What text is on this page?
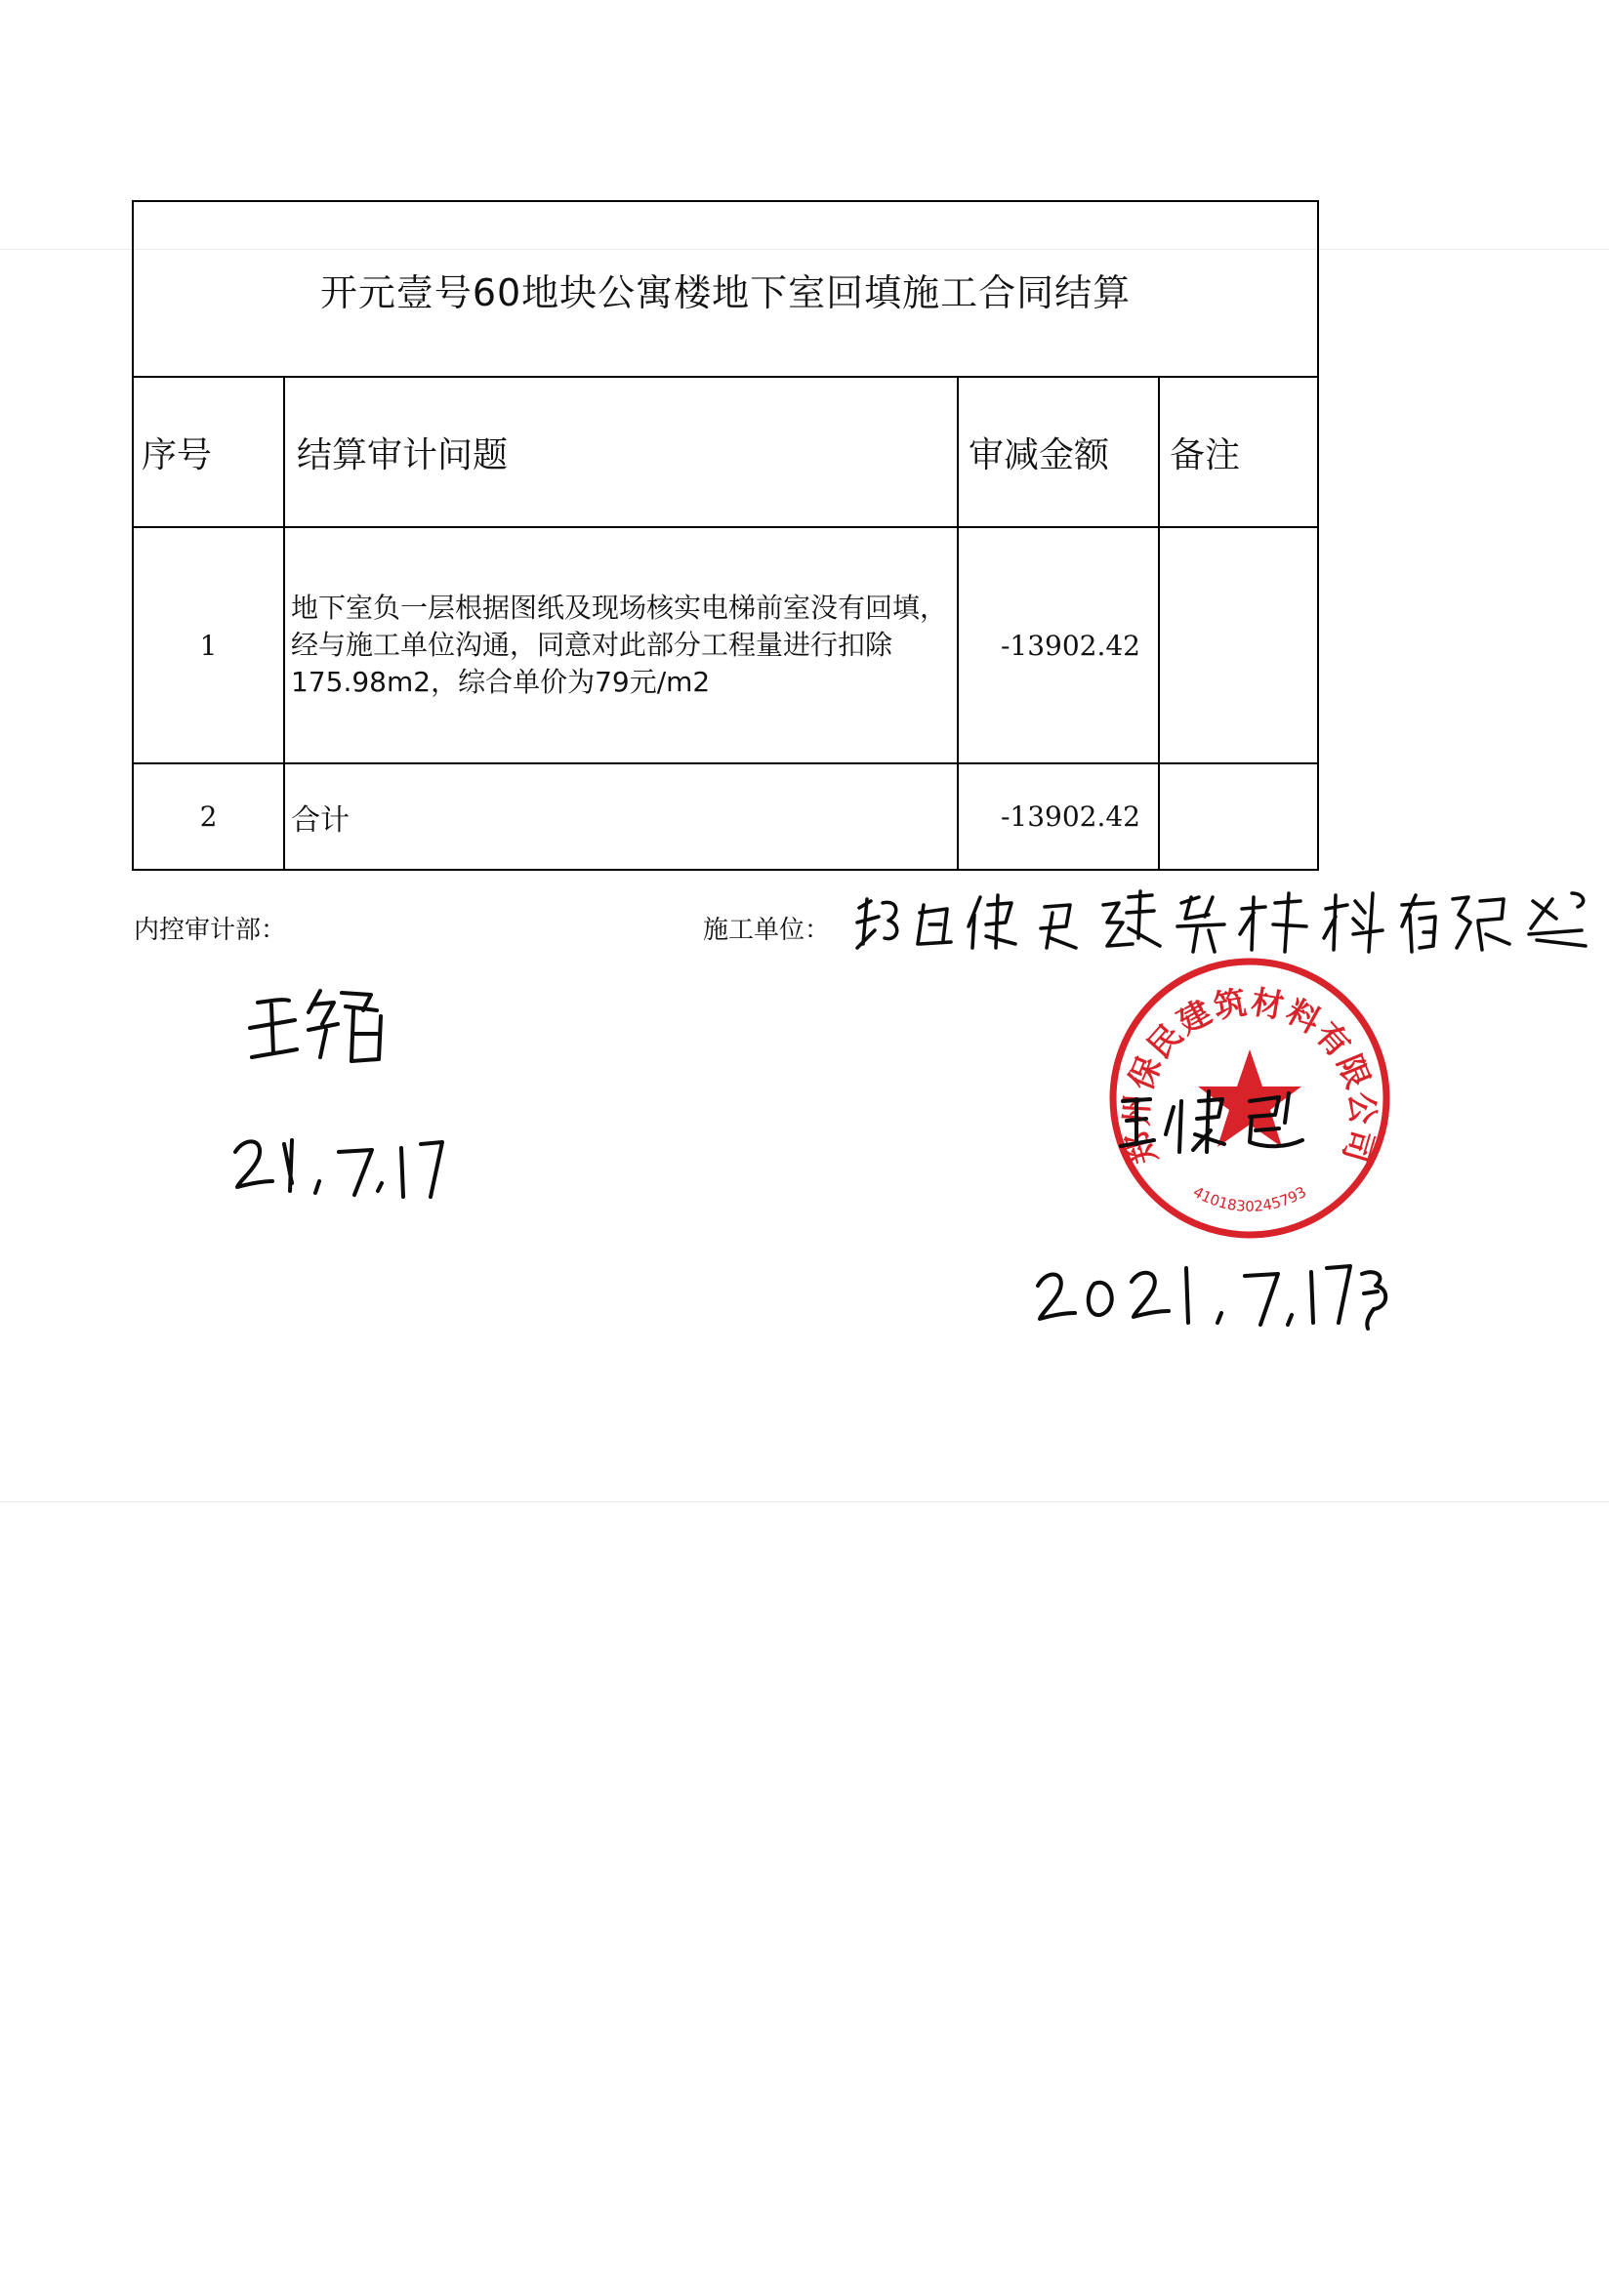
开元壹号60地块公寓楼地下室回填施工合同结算			
序号	结算审计问题	审减金额	备注
1	地下室负一层根据图纸及现场核实电梯前室没有回填，经与施工单位沟通，同意对此部分工程量进行扣除175.98m2，综合单价为79元/m2	-13902.42	
2	合计	-13902.42	
内控审计部：	施工单位：
郑州保民建筑材料有限公司
4101830245793
